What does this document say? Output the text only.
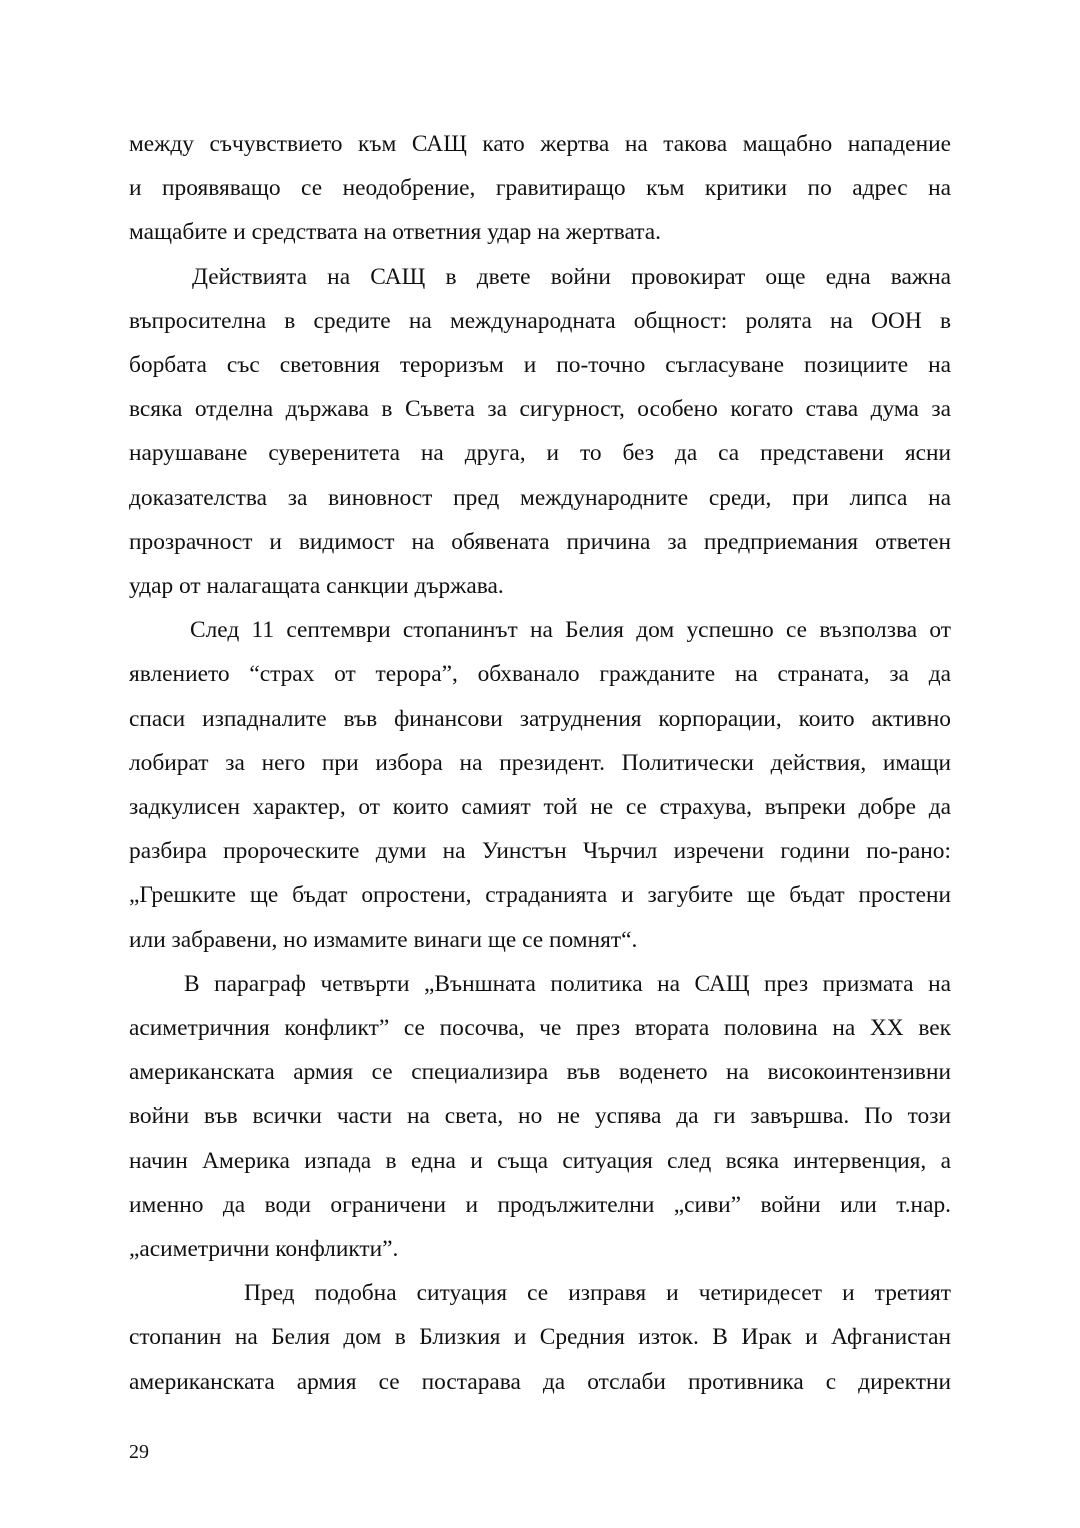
между съчувствието към САЩ като жертва на такова мащабно нападение
и проявяващо се неодобрение, гравитиращо към критики по адрес на
мащабите и средствата на ответния удар на жертвата.

Действията на САЩ в двете войни провокират още една важна
въпросителна в средите на международната общност: ролята на ООН в
борбата със световния тероризъм и по-точно съгласуване позициите на
всяка отделна държава в Съвета за сигурност, особено когато става дума за
нарушаване суверенитета на друга, и то без да са представени ясни
доказателства за виновност пред международните среди, при липса на
прозрачност и видимост на обявената причина за предприемания ответен
удар от налагащата санкции държава.

След 11 септември стопанинът на Белия дом успешно се възползва от
явлението “страх от терора”, обхванало гражданите на страната, за да
спаси изпадналите във финансови затруднения корпорации, които активно
лобират за него при избора на президент. Политически действия, имащи
задкулисен характер, от които самият той не се страхува, въпреки добре да
разбира пророческите думи на Уинстън Чърчил изречени години по-рано:
„Грешките ще бъдат опростени, страданията и загубите ще бъдат простени
или забравени, но измамите винаги ще се помнят“.

В параграф четвърти „Външната политика на САЩ през призмата на
асиметричния конфликт” се посочва, че през втората половина на ХХ век
американската армия се специализира във воденето на високоинтензивни
войни във всички части на света, но не успява да ги завършва. По този
начин Америка изпада в една и съща ситуация след всяка интервенция, а
именно да води ограничени и продължителни „сиви” войни или т.нар.
„асиметрични конфликти”.

Пред подобна ситуация се изправя и четиридесет и третият
стопанин на Белия дом в Близкия и Средния изток. В Ирак и Афганистан
американската армия се постарава да отслаби противника с директни

29
